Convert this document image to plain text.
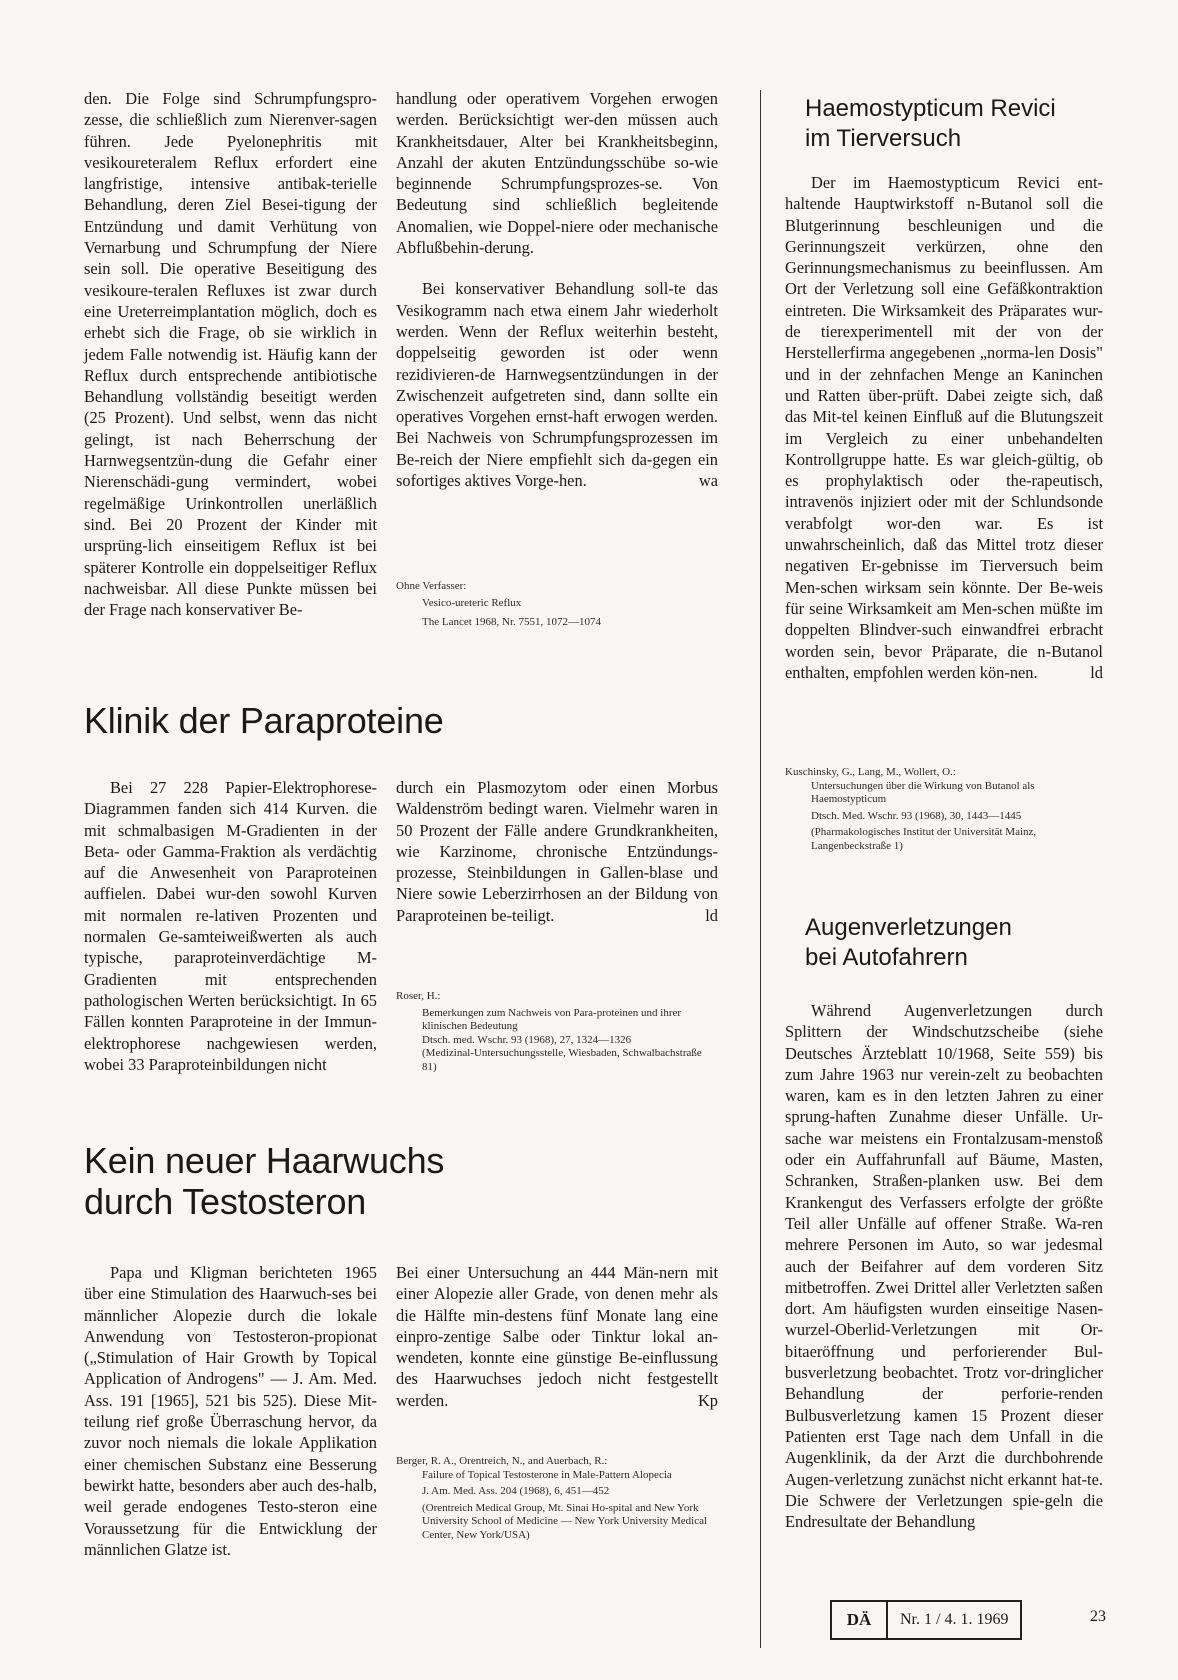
den. Die Folge sind Schrumpfungspro-zesse, die schließlich zum Nierenver-sagen führen. Jede Pyelonephritis mit vesikoureteralem Reflux erfordert eine langfristige, intensive antibak-terielle Behandlung, deren Ziel Besei-tigung der Entzündung und damit Verhütung von Vernarbung und Schrumpfung der Niere sein soll. Die operative Beseitigung des vesikoure-teralen Refluxes ist zwar durch eine Ureterreimplantation möglich, doch es erhebt sich die Frage, ob sie wirklich in jedem Falle notwendig ist. Häufig kann der Reflux durch entsprechende antibiotische Behandlung vollständig beseitigt werden (25 Prozent). Und selbst, wenn das nicht gelingt, ist nach Beherrschung der Harnwegsentzün-dung die Gefahr einer Nierenschädi-gung vermindert, wobei regelmäßige Urinkontrollen unerläßlich sind. Bei 20 Prozent der Kinder mit ursprüng-lich einseitigem Reflux ist bei späterer Kontrolle ein doppelseitiger Reflux nachweisbar. All diese Punkte müssen bei der Frage nach konservativer Be-

handlung oder operativem Vorgehen erwogen werden. Berücksichtigt wer-den müssen auch Krankheitsdauer, Alter bei Krankheitsbeginn, Anzahl der akuten Entzündungsschübe so-wie beginnende Schrumpfungsprozes-se. Von Bedeutung sind schließlich begleitende Anomalien, wie Doppel-niere oder mechanische Abflußbehin-derung.

Bei konservativer Behandlung soll-te das Vesikogramm nach etwa einem Jahr wiederholt werden. Wenn der Reflux weiterhin besteht, doppelseitig geworden ist oder wenn rezidivieren-de Harnwegsentzündungen in der Zwischenzeit aufgetreten sind, dann sollte ein operatives Vorgehen ernst-haft erwogen werden. Bei Nachweis von Schrumpfungsprozessen im Be-reich der Niere empfiehlt sich da-gegen ein sofortiges aktives Vorge-hen.	wa

Ohne Verfasser:

Vesico-ureteric Reflux

The Lancet 1968, Nr. 7551, 1072—1074

Klinik der Paraproteine

Bei 27 228 Papier-Elektrophorese-Diagrammen fanden sich 414 Kurven. die mit schmalbasigen M-Gradienten in der Beta- oder Gamma-Fraktion als verdächtig auf die Anwesenheit von Paraproteinen auffielen. Dabei wur-den sowohl Kurven mit normalen re-lativen Prozenten und normalen Ge-samteiweißwerten als auch typische, paraproteinverdächtige M-Gradienten mit entsprechenden pathologischen Werten berücksichtigt. In 65 Fällen konnten Paraproteine in der Immun-elektrophorese nachgewiesen werden, wobei 33 Paraproteinbildungen nicht

durch ein Plasmozytom oder einen Morbus Waldenström bedingt waren. Vielmehr waren in 50 Prozent der Fälle andere Grundkrankheiten, wie Karzinome, chronische Entzündungs-prozesse, Steinbildungen in Gallen-blase und Niere sowie Leberzirrhosen an der Bildung von Paraproteinen be-teiligt.	ld

Roser, H.:

Bemerkungen zum Nachweis von Para-proteinen und ihrer klinischen Bedeutung

Dtsch. med. Wschr. 93 (1968), 27, 1324—1326

(Medizinal-Untersuchungsstelle, Wiesbaden, Schwalbachstraße 81)

Kein neuer Haarwuchs
durch Testosteron

Papa und Kligman berichteten 1965 über eine Stimulation des Haarwuch-ses bei männlicher Alopezie durch die lokale Anwendung von Testosteron-propionat („Stimulation of Hair Growth by Topical Application of Androgens" — J. Am. Med. Ass. 191 [1965], 521 bis 525). Diese Mit-teilung rief große Überraschung hervor, da zuvor noch niemals die lokale Applikation einer chemischen Substanz eine Besserung bewirkt hatte, besonders aber auch des-halb, weil gerade endogenes Testo-steron eine Voraussetzung für die Entwicklung der männlichen Glatze ist.

Bei einer Untersuchung an 444 Män-nern mit einer Alopezie aller Grade, von denen mehr als die Hälfte min-destens fünf Monate lang eine einpro-zentige Salbe oder Tinktur lokal an-wendeten, konnte eine günstige Be-einflussung des Haarwuchses jedoch nicht festgestellt werden.	Kp

Berger, R. A., Orentreich, N., and Auerbach, R.:

Failure of Topical Testosterone in Male-Pattern Alopecia

J. Am. Med. Ass. 204 (1968), 6, 451—452

(Orentreich Medical Group, Mt. Sinai Ho-spital and New York University School of Medicine — New York University Medical Center, New York/USA)

Haemostypticum Revici
im Tierversuch

Der im Haemostypticum Revici ent-haltende Hauptwirkstoff n-Butanol soll die Blutgerinnung beschleunigen und die Gerinnungszeit verkürzen, ohne den Gerinnungsmechanismus zu beeinflussen. Am Ort der Verletzung soll eine Gefäßkontraktion eintreten. Die Wirksamkeit des Präparates wur-de tierexperimentell mit der von der Herstellerfirma angegebenen „norma-len Dosis" und in der zehnfachen Menge an Kaninchen und Ratten über-prüft. Dabei zeigte sich, daß das Mit-tel keinen Einfluß auf die Blutungszeit im Vergleich zu einer unbehandelten Kontrollgruppe hatte. Es war gleich-gültig, ob es prophylaktisch oder the-rapeutisch, intravenös injiziert oder mit der Schlundsonde verabfolgt wor-den war. Es ist unwahrscheinlich, daß das Mittel trotz dieser negativen Er-gebnisse im Tierversuch beim Men-schen wirksam sein könnte. Der Be-weis für seine Wirksamkeit am Men-schen müßte im doppelten Blindver-such einwandfrei erbracht worden sein, bevor Präparate, die n-Butanol enthalten, empfohlen werden kön-nen.	ld

Kuschinsky, G., Lang, M., Wollert, O.:

Untersuchungen über die Wirkung von Butanol als Haemostypticum

Dtsch. Med. Wschr. 93 (1968), 30, 1443—1445

(Pharmakologisches Institut der Universität Mainz, Langenbeckstraße 1)

Augenverletzungen
bei Autofahrern

Während Augenverletzungen durch Splittern der Windschutzscheibe (siehe Deutsches Ärzteblatt 10/1968, Seite 559) bis zum Jahre 1963 nur verein-zelt zu beobachten waren, kam es in den letzten Jahren zu einer sprung-haften Zunahme dieser Unfälle. Ur-sache war meistens ein Frontalzusam-menstoß oder ein Auffahrunfall auf Bäume, Masten, Schranken, Straßen-planken usw. Bei dem Krankengut des Verfassers erfolgte der größte Teil aller Unfälle auf offener Straße. Wa-ren mehrere Personen im Auto, so war jedesmal auch der Beifahrer auf dem vorderen Sitz mitbetroffen. Zwei Drittel aller Verletzten saßen dort. Am häufigsten wurden einseitige Nasen-wurzel-Oberlid-Verletzungen mit Or-bitaeröffnung und perforierender Bul-busverletzung beobachtet. Trotz vor-dringlicher Behandlung der perforie-renden Bulbusverletzung kamen 15 Prozent dieser Patienten erst Tage nach dem Unfall in die Augenklinik, da der Arzt die durchbohrende Augen-verletzung zunächst nicht erkannt hat-te. Die Schwere der Verletzungen spie-geln die Endresultate der Behandlung

DÄ	Nr. 1 / 4. 1. 1969	23
